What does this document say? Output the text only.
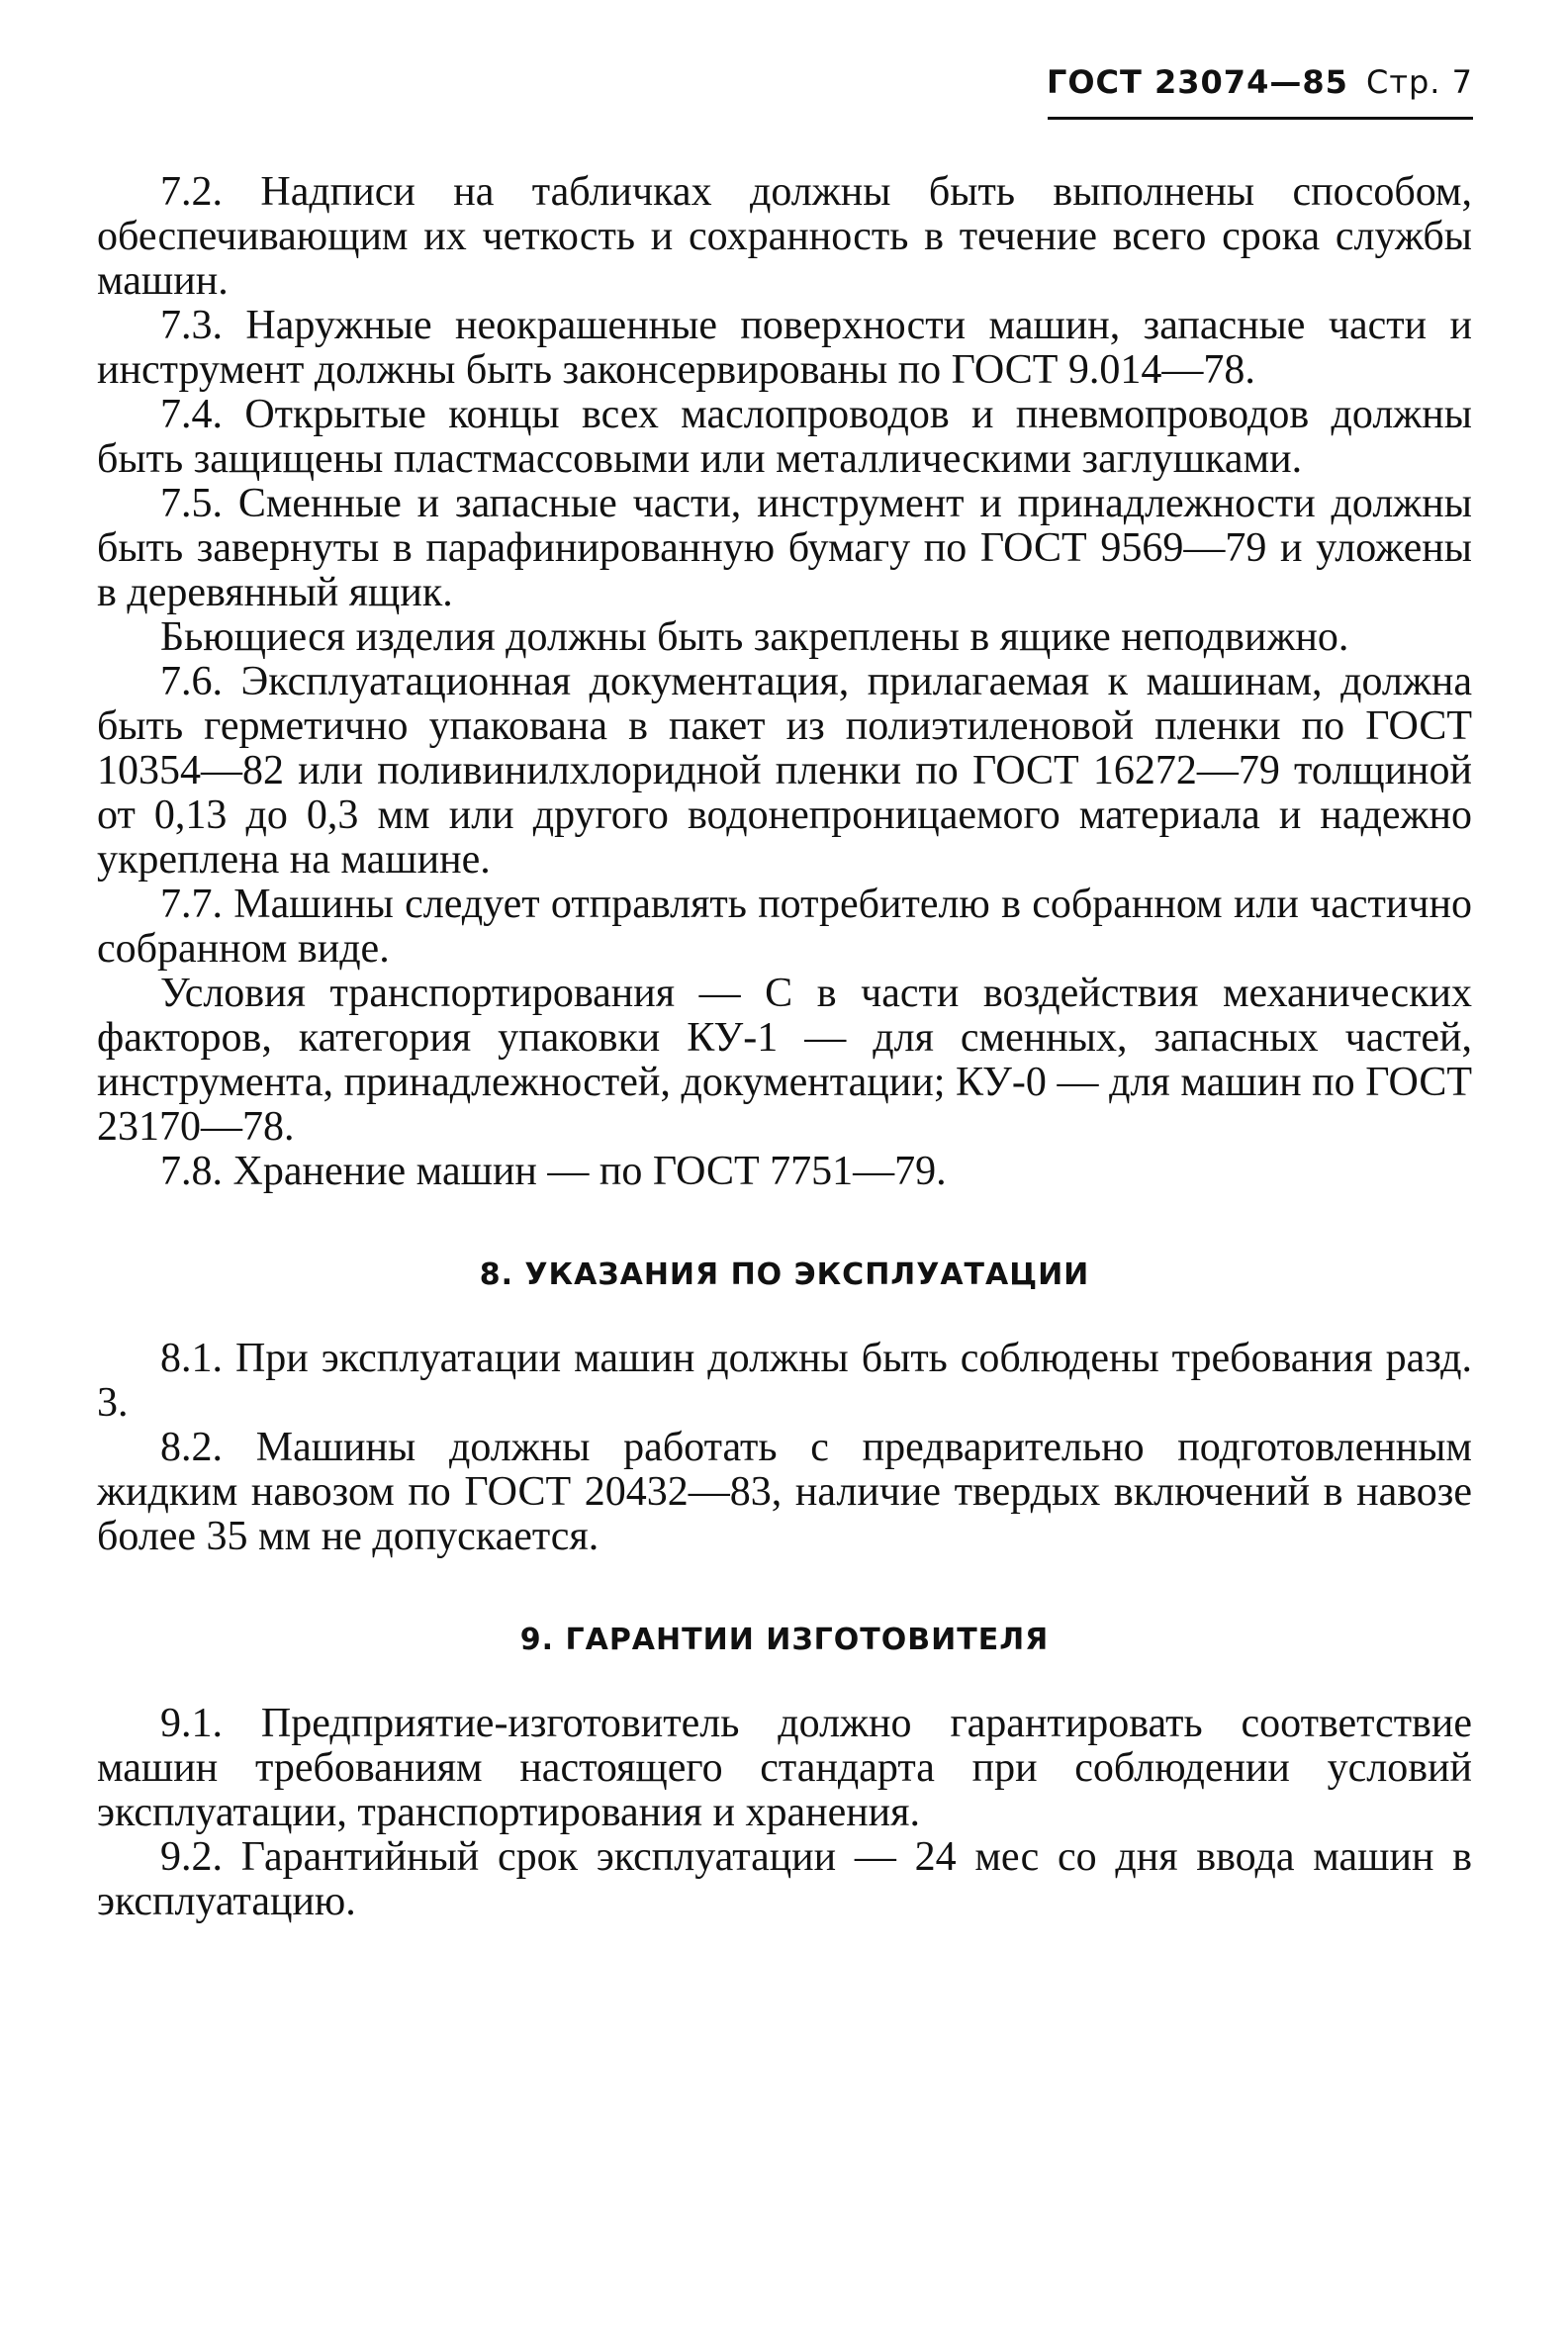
ГОСТ 23074—85 Стр. 7

7.2. Надписи на табличках должны быть выполнены способом, обеспечивающим их четкость и сохранность в течение всего срока службы машин.

7.3. Наружные неокрашенные поверхности машин, запасные части и инструмент должны быть законсервированы по ГОСТ 9.014—78.

7.4. Открытые концы всех маслопроводов и пневмопроводов должны быть защищены пластмассовыми или металлическими заглушками.

7.5. Сменные и запасные части, инструмент и принадлежности должны быть завернуты в парафинированную бумагу по ГОСТ 9569—79 и уложены в деревянный ящик.

Бьющиеся изделия должны быть закреплены в ящике неподвижно.

7.6. Эксплуатационная документация, прилагаемая к машинам, должна быть герметично упакована в пакет из полиэтиленовой пленки по ГОСТ 10354—82 или поливинилхлоридной пленки по ГОСТ 16272—79 толщиной от 0,13 до 0,3 мм или другого водонепроницаемого материала и надежно укреплена на машине.

7.7. Машины следует отправлять потребителю в собранном или частично собранном виде.

Условия транспортирования — С в части воздействия механических факторов, категория упаковки КУ-1 — для сменных, запасных частей, инструмента, принадлежностей, документации; КУ-0 — для машин по ГОСТ 23170—78.

7.8. Хранение машин — по ГОСТ 7751—79.

8. УКАЗАНИЯ ПО ЭКСПЛУАТАЦИИ

8.1. При эксплуатации машин должны быть соблюдены требования разд. 3.

8.2. Машины должны работать с предварительно подготовленным жидким навозом по ГОСТ 20432—83, наличие твердых включений в навозе более 35 мм не допускается.

9. ГАРАНТИИ ИЗГОТОВИТЕЛЯ

9.1. Предприятие-изготовитель должно гарантировать соответствие машин требованиям настоящего стандарта при соблюдении условий эксплуатации, транспортирования и хранения.

9.2. Гарантийный срок эксплуатации — 24 мес со дня ввода машин в эксплуатацию.
